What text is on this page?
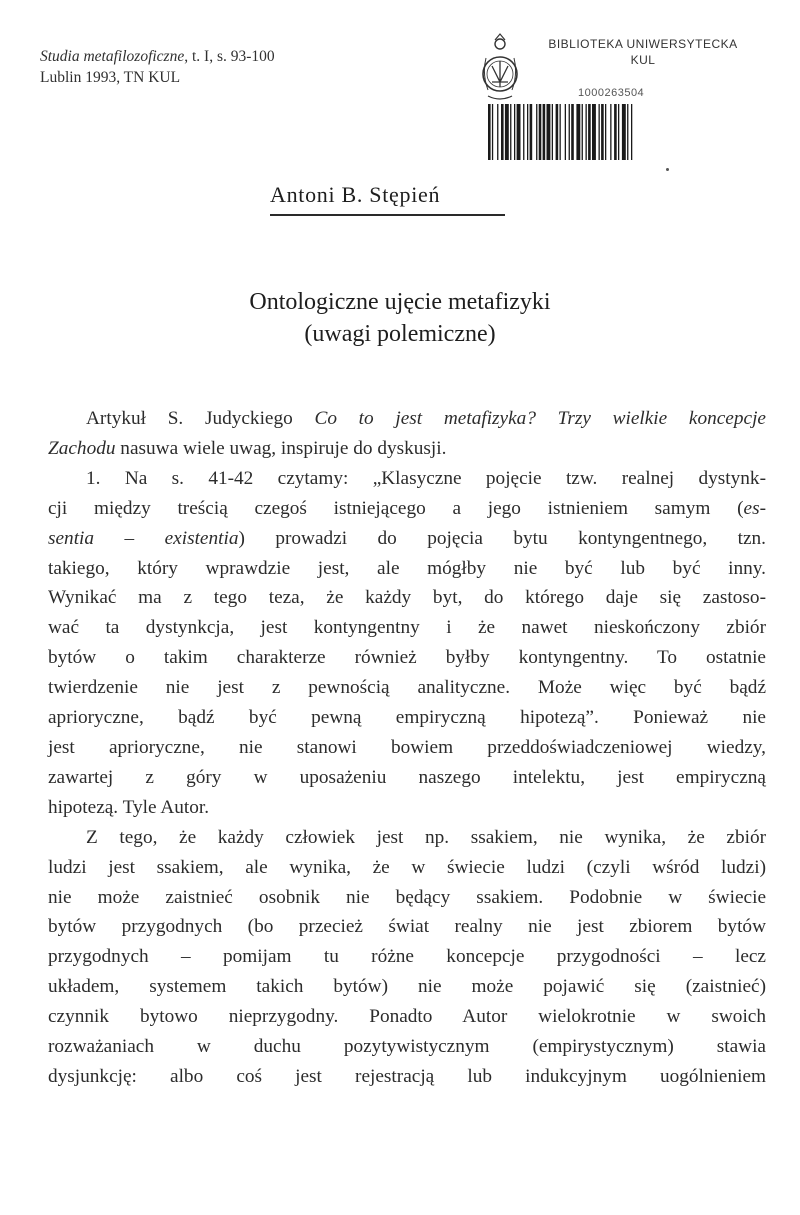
Studia metafilozoficzne, t. I, s. 93-100
Lublin 1993, TN KUL
BIBLIOTEKA UNIWERSYTECKA
KUL
1000263504
Antoni B. Stępień
Ontologiczne ujęcie metafizyki
(uwagi polemiczne)
Artykuł S. Judyckiego Co to jest metafizyka? Trzy wielkie koncepcje
Zachodu nasuwa wiele uwag, inspiruje do dyskusji.
1. Na s. 41-42 czytamy: „Klasyczne pojęcie tzw. realnej dystynk-
cji między treścią czegoś istniejącego a jego istnieniem samym (es-
sentia – existentia) prowadzi do pojęcia bytu kontyngentnego, tzn.
takiego, który wprawdzie jest, ale mógłby nie być lub być inny.
Wynikać ma z tego teza, że każdy byt, do którego daje się zastoso-
wać ta dystynkcja, jest kontyngentny i że nawet nieskończony zbiór
bytów o takim charakterze również byłby kontyngentny. To ostatnie
twierdzenie nie jest z pewnością analityczne. Może więc być bądź
aprioryczne, bądź być pewną empiryczną hipotezą”. Ponieważ nie
jest aprioryczne, nie stanowi bowiem przeddoświadczeniowej wiedzy,
zawartej z góry w uposażeniu naszego intelektu, jest empiryczną
hipotezą. Tyle Autor.
Z tego, że każdy człowiek jest np. ssakiem, nie wynika, że zbiór
ludzi jest ssakiem, ale wynika, że w świecie ludzi (czyli wśród ludzi)
nie może zaistnieć osobnik nie będący ssakiem. Podobnie w świecie
bytów przygodnych (bo przecież świat realny nie jest zbiorem bytów
przygodnych – pomijam tu różne koncepcje przygodności – lecz
układem, systemem takich bytów) nie może pojawić się (zaistnieć)
czynnik bytowo nieprzygodny. Ponadto Autor wielokrotnie w swoich
rozważaniach w duchu pozytywistycznym (empirystycznym) stawia
dysjunkcję: albo coś jest rejestracją lub indukcyjnym uogólnieniem
